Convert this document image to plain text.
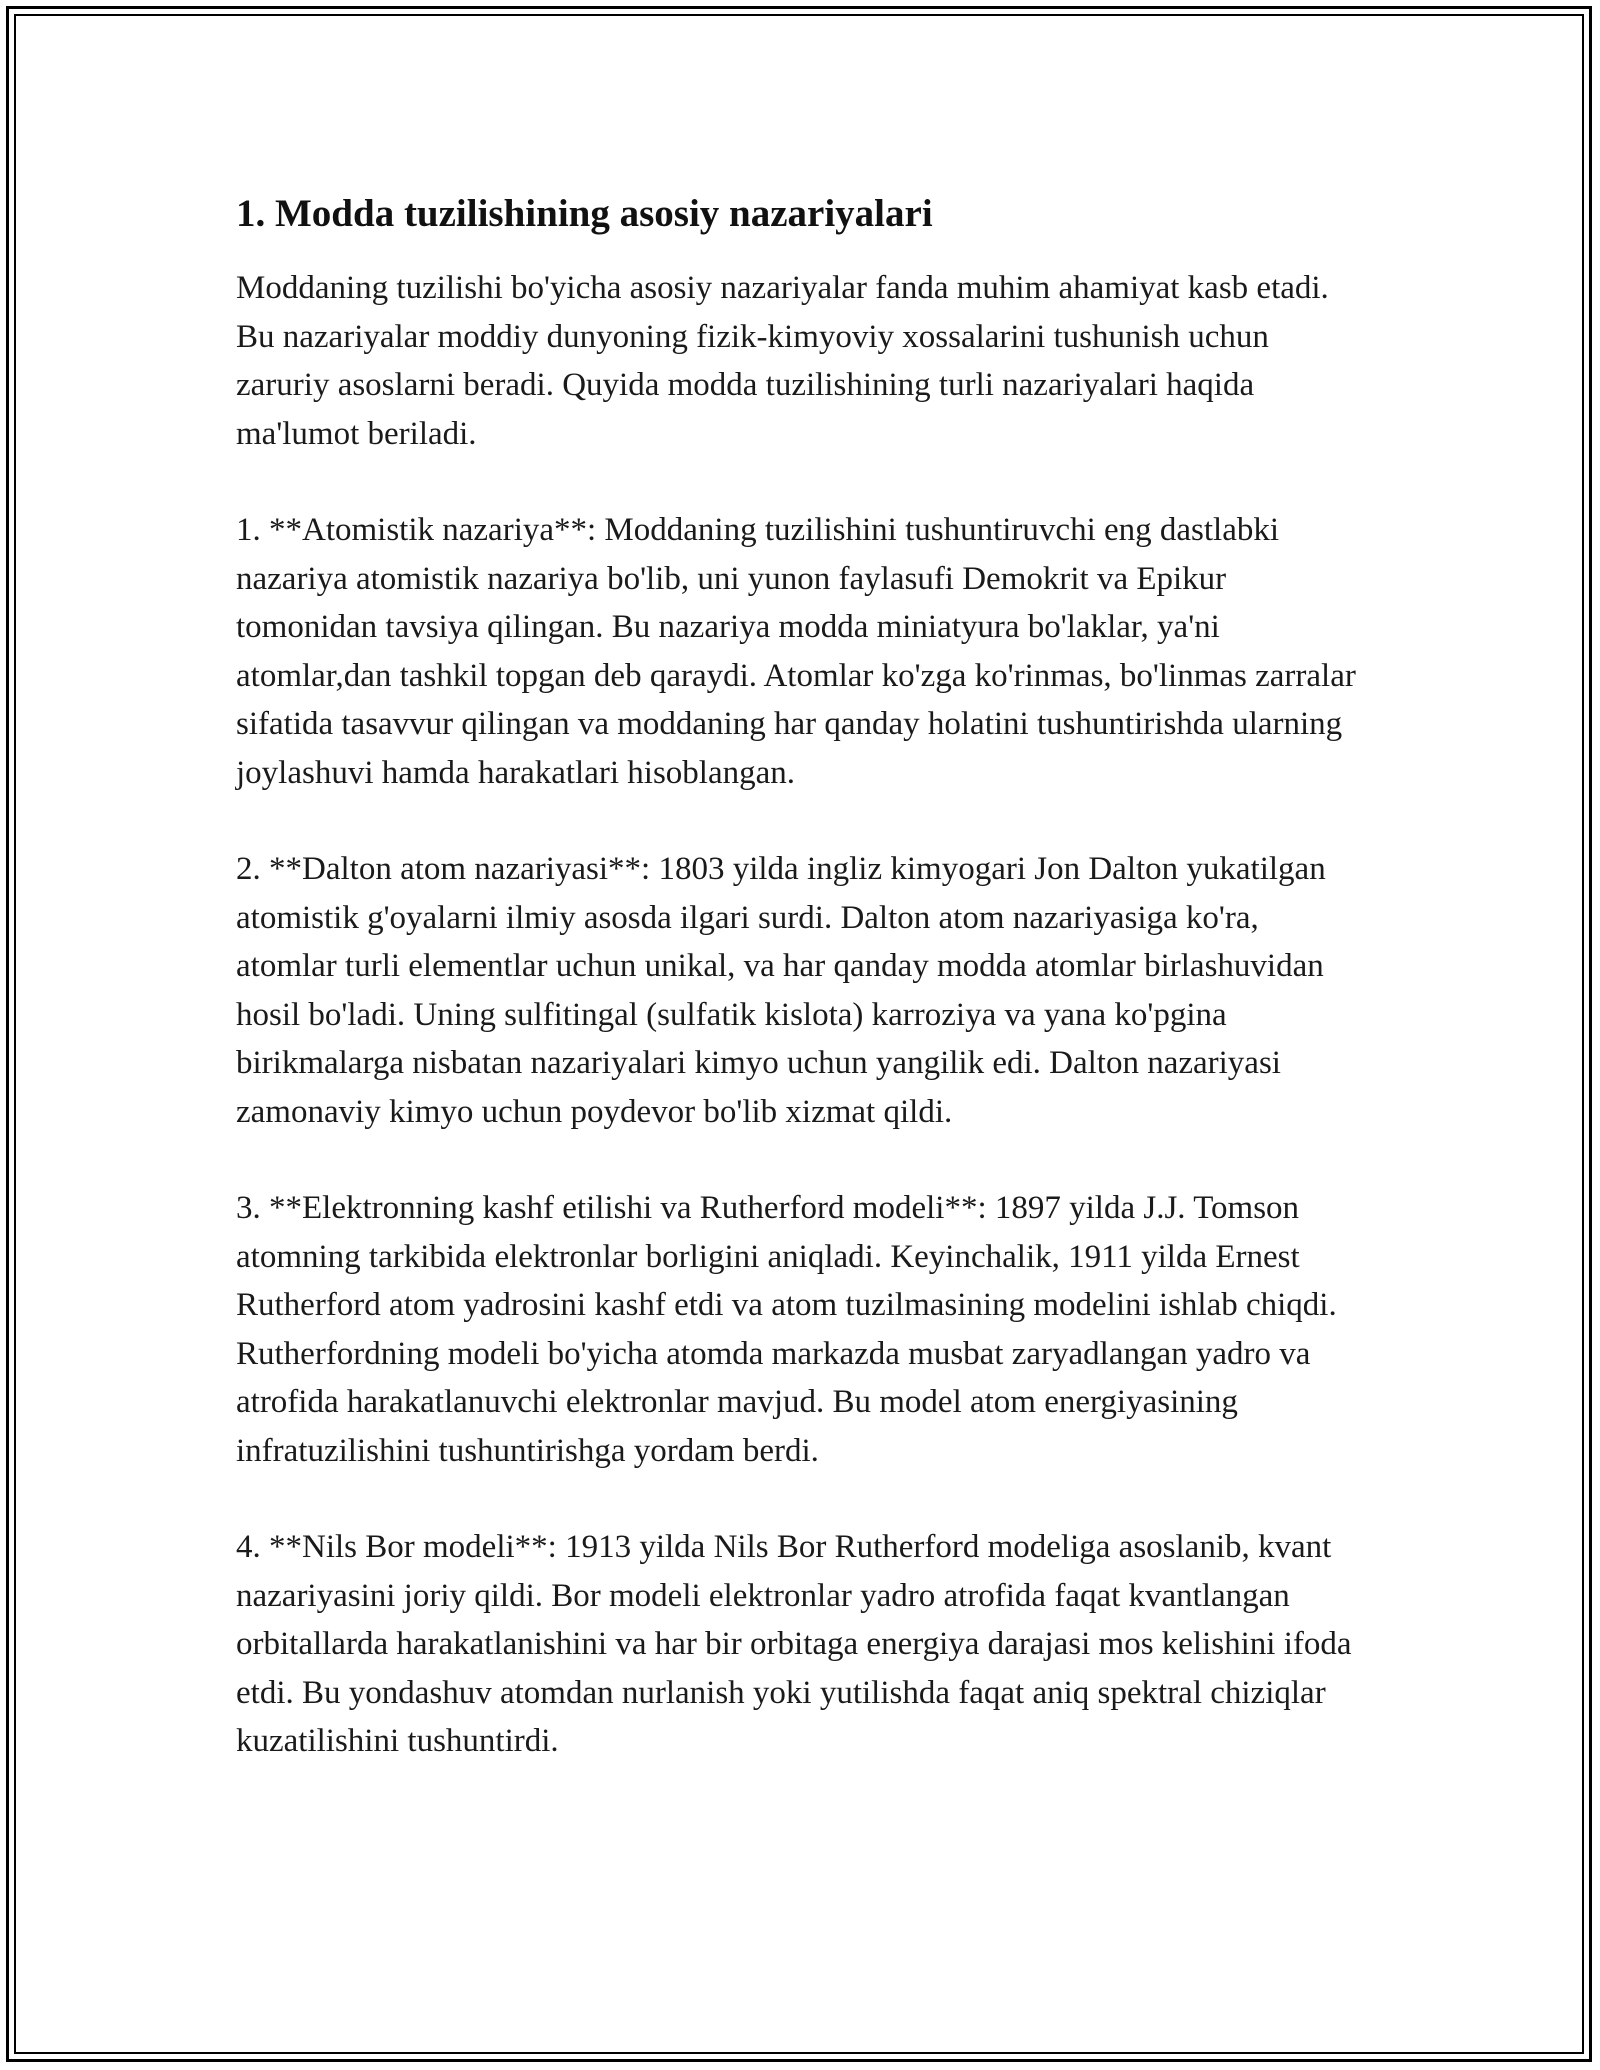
1. Modda tuzilishining asosiy nazariyalari

Moddaning tuzilishi bo'yicha asosiy nazariyalar fanda muhim ahamiyat kasb etadi. Bu nazariyalar moddiy dunyoning fizik-kimyoviy xossalarini tushunish uchun zaruriy asoslarni beradi. Quyida modda tuzilishining turli nazariyalari haqida ma'lumot beriladi.

1. **Atomistik nazariya**: Moddaning tuzilishini tushuntiruvchi eng dastlabki nazariya atomistik nazariya bo'lib, uni yunon faylasufi Demokrit va Epikur tomonidan tavsiya qilingan. Bu nazariya modda miniatyura bo'laklar, ya'ni atomlar,dan tashkil topgan deb qaraydi. Atomlar ko'zga ko'rinmas, bo'linmas zarralar sifatida tasavvur qilingan va moddaning har qanday holatini tushuntirishda ularning joylashuvi hamda harakatlari hisoblangan.

2. **Dalton atom nazariyasi**: 1803 yilda ingliz kimyogari Jon Dalton yukatilgan atomistik g'oyalarni ilmiy asosda ilgari surdi. Dalton atom nazariyasiga ko'ra, atomlar turli elementlar uchun unikal, va har qanday modda atomlar birlashuvidan hosil bo'ladi. Uning sulfitingal (sulfatik kislota) karroziya va yana ko'pgina birikmalarga nisbatan nazariyalari kimyo uchun yangilik edi. Dalton nazariyasi zamonaviy kimyo uchun poydevor bo'lib xizmat qildi.

3. **Elektronning kashf etilishi va Rutherford modeli**: 1897 yilda J.J. Tomson atomning tarkibida elektronlar borligini aniqladi. Keyinchalik, 1911 yilda Ernest Rutherford atom yadrosini kashf etdi va atom tuzilmasining modelini ishlab chiqdi. Rutherfordning modeli bo'yicha atomda markazda musbat zaryadlangan yadro va atrofida harakatlanuvchi elektronlar mavjud. Bu model atom energiyasining infratuzilishini tushuntirishga yordam berdi.

4. **Nils Bor modeli**: 1913 yilda Nils Bor Rutherford modeliga asoslanib, kvant nazariyasini joriy qildi. Bor modeli elektronlar yadro atrofida faqat kvantlangan orbitallarda harakatlanishini va har bir orbitaga energiya darajasi mos kelishini ifoda etdi. Bu yondashuv atomdan nurlanish yoki yutilishda faqat aniq spektral chiziqlar kuzatilishini tushuntirdi.
